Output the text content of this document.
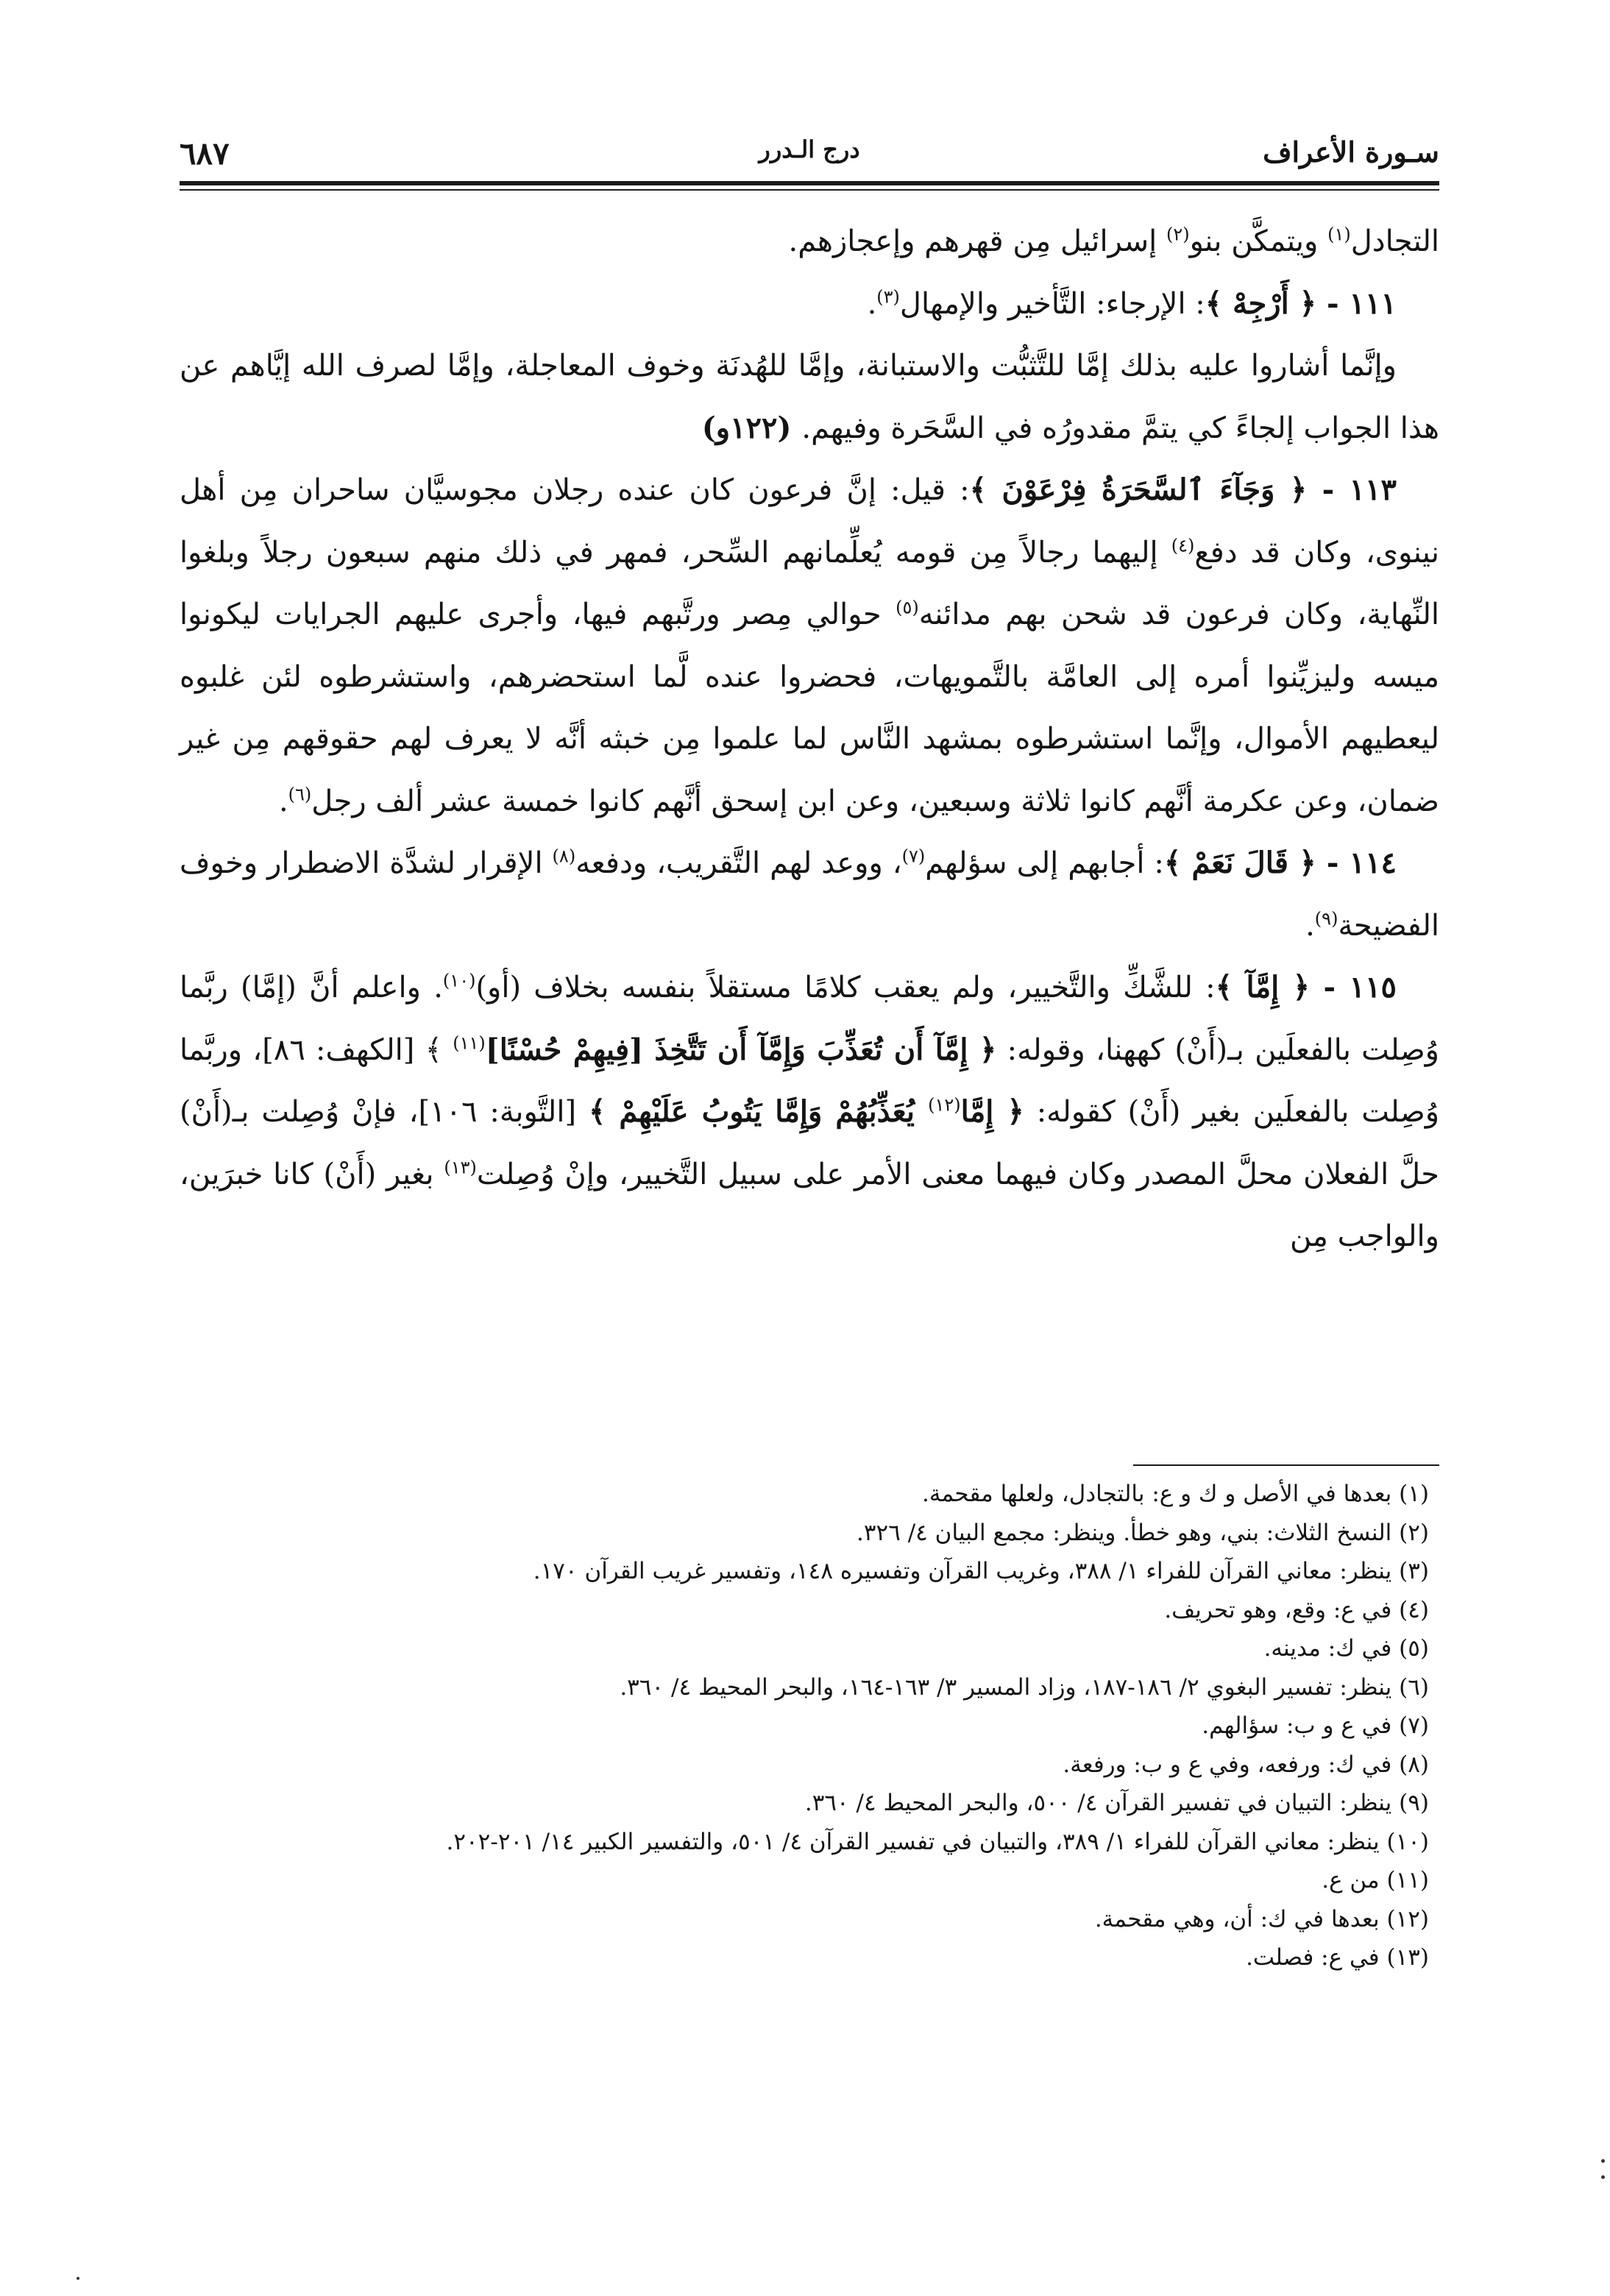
سـورة الأعراف
درج الـدرر
٦٨٧

التجادل$^{(١)}$ ويتمكَّن بنو$^{(٢)}$ إسرائيل مِن قهرهم وإعجازهم.

١١١ - ﴿ أَرْجِهْ ﴾: الإرجاء: التَّأخير والإمهال$^{(٣)}$.

وإنَّما أشاروا عليه بذلك إمَّا للتَّثبُّت والاستبانة، وإمَّا للهُدنَة وخوف المعاجلة، وإمَّا لصرف الله إيَّاهم عن هذا الجواب إلجاءً كي يتمَّ مقدورُه في السَّحَرة وفيهم. (١٢٢و)

١١٣ - ﴿ وَجَآءَ ٱلسَّحَرَةُ فِرْعَوْنَ ﴾: قيل: إنَّ فرعون كان عنده رجلان مجوسيَّان ساحران مِن أهل نينوى، وكان قد دفع$^{(٤)}$ إليهما رجالاً مِن قومه يُعلِّمانهم السِّحر، فمهر في ذلك منهم سبعون رجلاً وبلغوا النِّهاية، وكان فرعون قد شحن بهم مدائنه$^{(٥)}$ حوالي مِصر ورتَّبهم فيها، وأجرى عليهم الجرايات ليكونوا ميسه وليزيِّنوا أمره إلى العامَّة بالتَّمويهات، فحضروا عنده لَّما استحضرهم، واستشرطوه لئن غلبوه ليعطيهم الأموال، وإنَّما استشرطوه بمشهد النَّاس لما علموا مِن خبثه أنَّه لا يعرف لهم حقوقهم مِن غير ضمان، وعن عكرمة أنَّهم كانوا ثلاثة وسبعين، وعن ابن إسحق أنَّهم كانوا خمسة عشر ألف رجل$^{(٦)}$.

١١٤ - ﴿ قَالَ نَعَمْ ﴾: أجابهم إلى سؤلهم$^{(٧)}$، ووعد لهم التَّقريب، ودفعه$^{(٨)}$ الإقرار لشدَّة الاضطرار وخوف الفضيحة$^{(٩)}$.

١١٥ - ﴿ إِمَّآ ﴾: للشَّكِّ والتَّخيير، ولم يعقب كلامًا مستقلاً بنفسه بخلاف (أو)$^{(١٠)}$. واعلم أنَّ (إمَّا) ربَّما وُصِلت بالفعلَين بـ(أَنْ) كههنا، وقوله: ﴿ إِمَّآ أَن تُعَذِّبَ وَإِمَّآ أَن تَتَّخِذَ [فِيهِمْ حُسْنًا]$^{(١١)}$ ﴾ [الكهف: ٨٦]، وربَّما وُصِلت بالفعلَين بغير (أَنْ) كقوله: ﴿ إِمَّا$^{(١٢)}$ يُعَذِّبُهُمْ وَإِمَّا يَتُوبُ عَلَيْهِمْ ﴾ [التَّوبة: ١٠٦]، فإنْ وُصِلت بـ(أَنْ) حلَّ الفعلان محلَّ المصدر وكان فيهما معنى الأمر على سبيل التَّخيير، وإنْ وُصِلت$^{(١٣)}$ بغير (أَنْ) كانا خبرَين، والواجب مِن

(١) بعدها في الأصل و ك و ع: بالتجادل، ولعلها مقحمة.
(٢) النسخ الثلاث: بني، وهو خطأ. وينظر: مجمع البيان ٤/ ٣٢٦.
(٣) ينظر: معاني القرآن للفراء ١/ ٣٨٨، وغريب القرآن وتفسيره ١٤٨، وتفسير غريب القرآن ١٧٠.
(٤) في ع: وقع، وهو تحريف.
(٥) في ك: مدينه.
(٦) ينظر: تفسير البغوي ٢/ ١٨٦-١٨٧، وزاد المسير ٣/ ١٦٣-١٦٤، والبحر المحيط ٤/ ٣٦٠.
(٧) في ع و ب: سؤالهم.
(٨) في ك: ورفعه، وفي ع و ب: ورفعة.
(٩) ينظر: التبيان في تفسير القرآن ٤/ ٥٠٠، والبحر المحيط ٤/ ٣٦٠.
(١٠) ينظر: معاني القرآن للفراء ١/ ٣٨٩، والتبيان في تفسير القرآن ٤/ ٥٠١، والتفسير الكبير ١٤/ ٢٠١-٢٠٢.
(١١) من ع.
(١٢) بعدها في ك: أن، وهي مقحمة.
(١٣) في ع: فصلت.
